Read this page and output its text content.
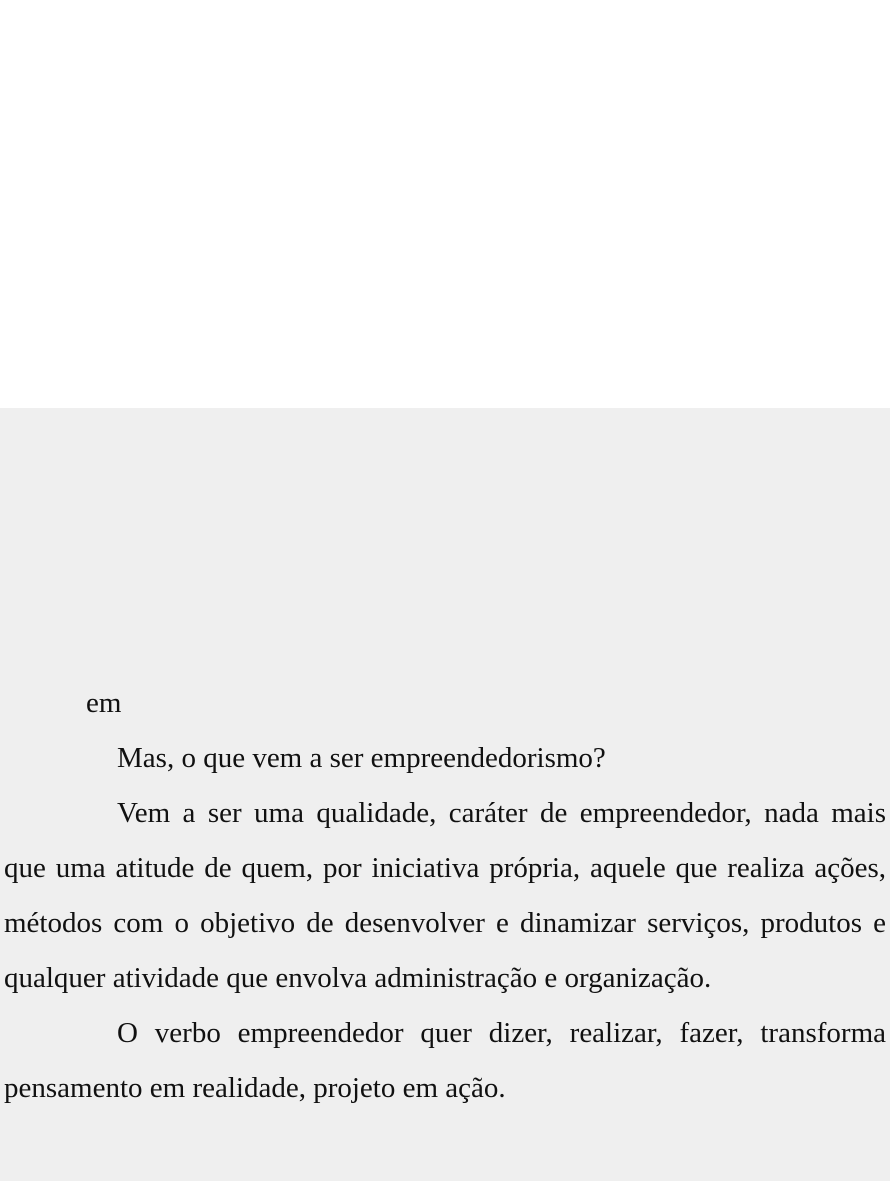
em

Mas, o que vem a ser empreendedorismo?

Vem a ser uma qualidade, caráter de empreendedor, nada mais que uma atitude de quem, por iniciativa própria, aquele que realiza ações, métodos com o objetivo de desenvolver e dinamizar serviços, produtos e qualquer atividade que envolva administração e organização.

O verbo empreendedor quer dizer, realizar, fazer, transforma pensamento em realidade, projeto em ação.
